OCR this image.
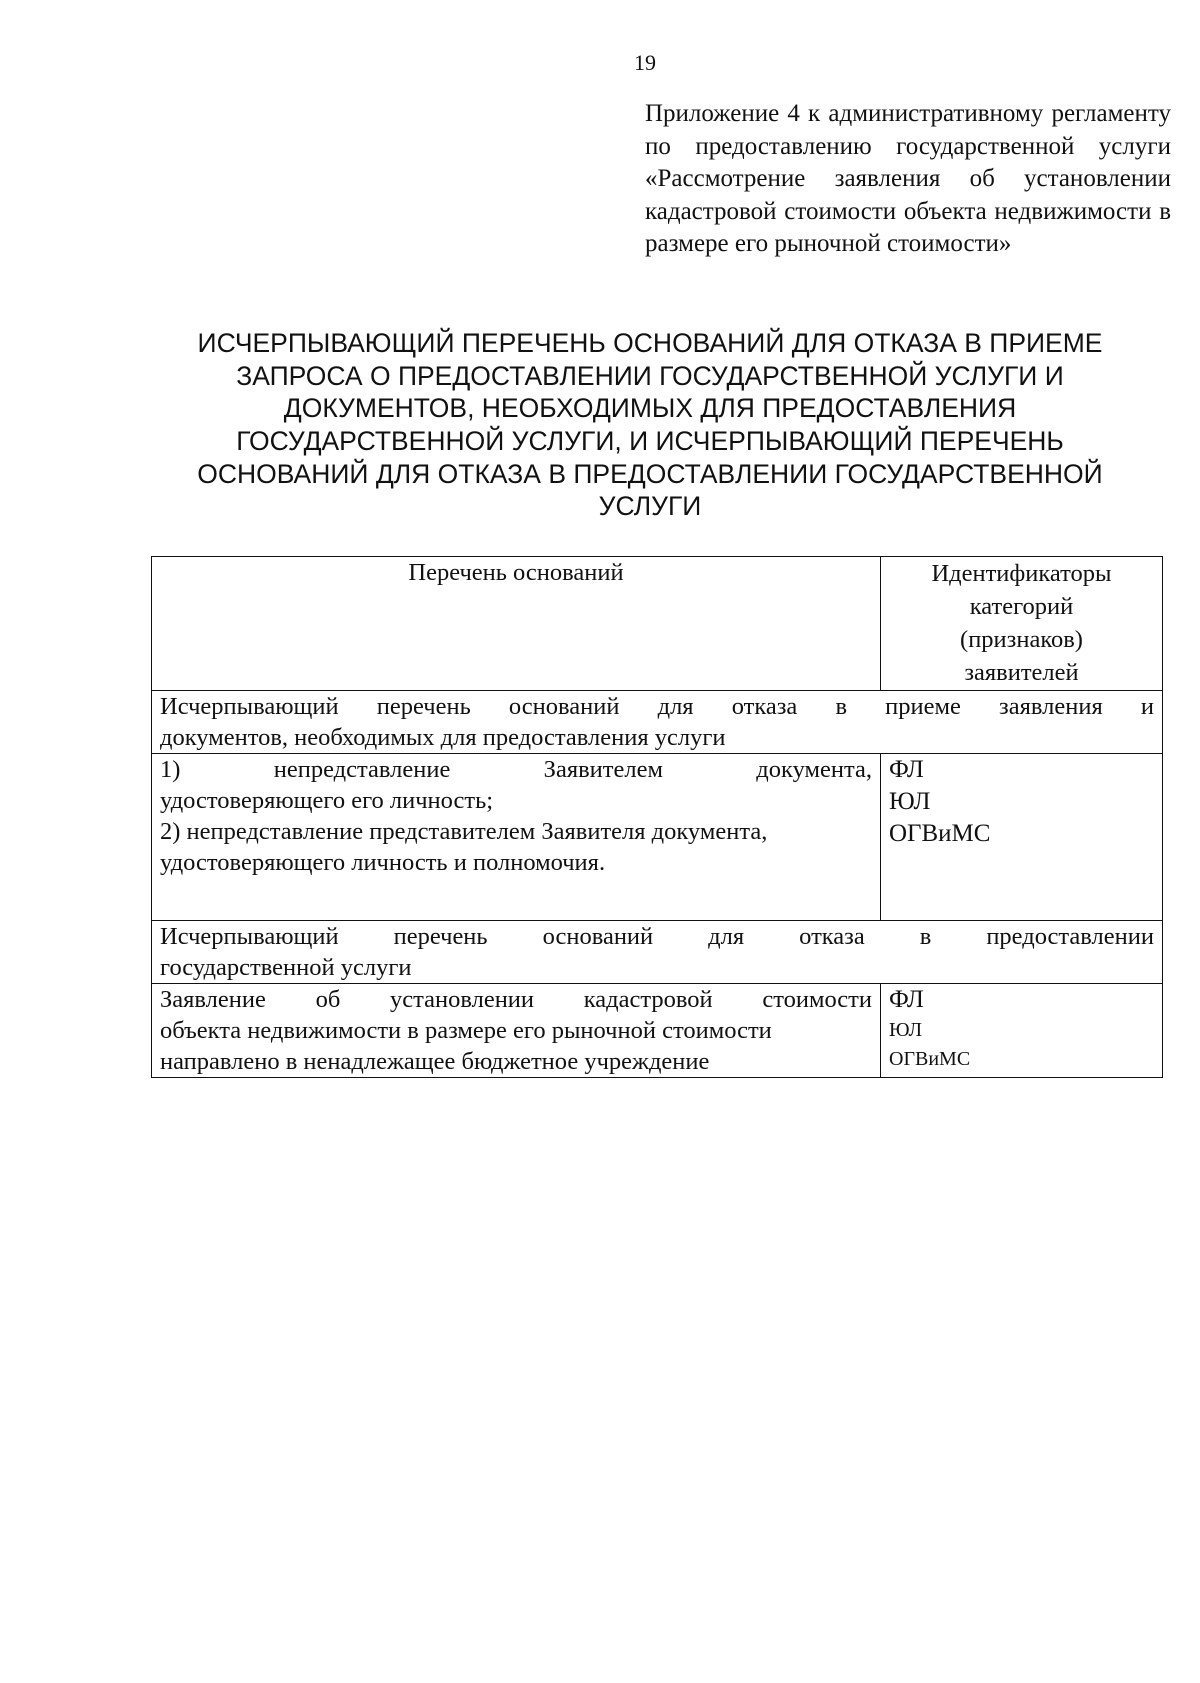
19
Приложение 4 к административному регламенту по предоставлению государственной услуги «Рассмотрение заявления об установлении кадастровой стоимости объекта недвижимости в размере его рыночной стоимости»
ИСЧЕРПЫВАЮЩИЙ ПЕРЕЧЕНЬ ОСНОВАНИЙ ДЛЯ ОТКАЗА В ПРИЕМЕ
ЗАПРОСА О ПРЕДОСТАВЛЕНИИ ГОСУДАРСТВЕННОЙ УСЛУГИ И
ДОКУМЕНТОВ, НЕОБХОДИМЫХ ДЛЯ ПРЕДОСТАВЛЕНИЯ
ГОСУДАРСТВЕННОЙ УСЛУГИ, И ИСЧЕРПЫВАЮЩИЙ ПЕРЕЧЕНЬ
ОСНОВАНИЙ ДЛЯ ОТКАЗА В ПРЕДОСТАВЛЕНИИ ГОСУДАРСТВЕННОЙ
УСЛУГИ
Перечень оснований	Идентификаторы
категорий
(признаков)
заявителей

Исчерпывающий перечень оснований для отказа в приеме заявления и
документов, необходимых для предоставления услуги	

1) непредставление Заявителем документа,
удостоверяющего его личность;
2) непредставление представителем Заявителя документа,
удостоверяющего личность и полномочия.	ФЛ
ЮЛ
ОГВиМС

Исчерпывающий перечень оснований для отказа в предоставлении
государственной услуги	

Заявление об установлении кадастровой стоимости
объекта недвижимости в размере его рыночной стоимости
направлено в ненадлежащее бюджетное учреждение	ФЛ
ЮЛ
ОГВиМС
